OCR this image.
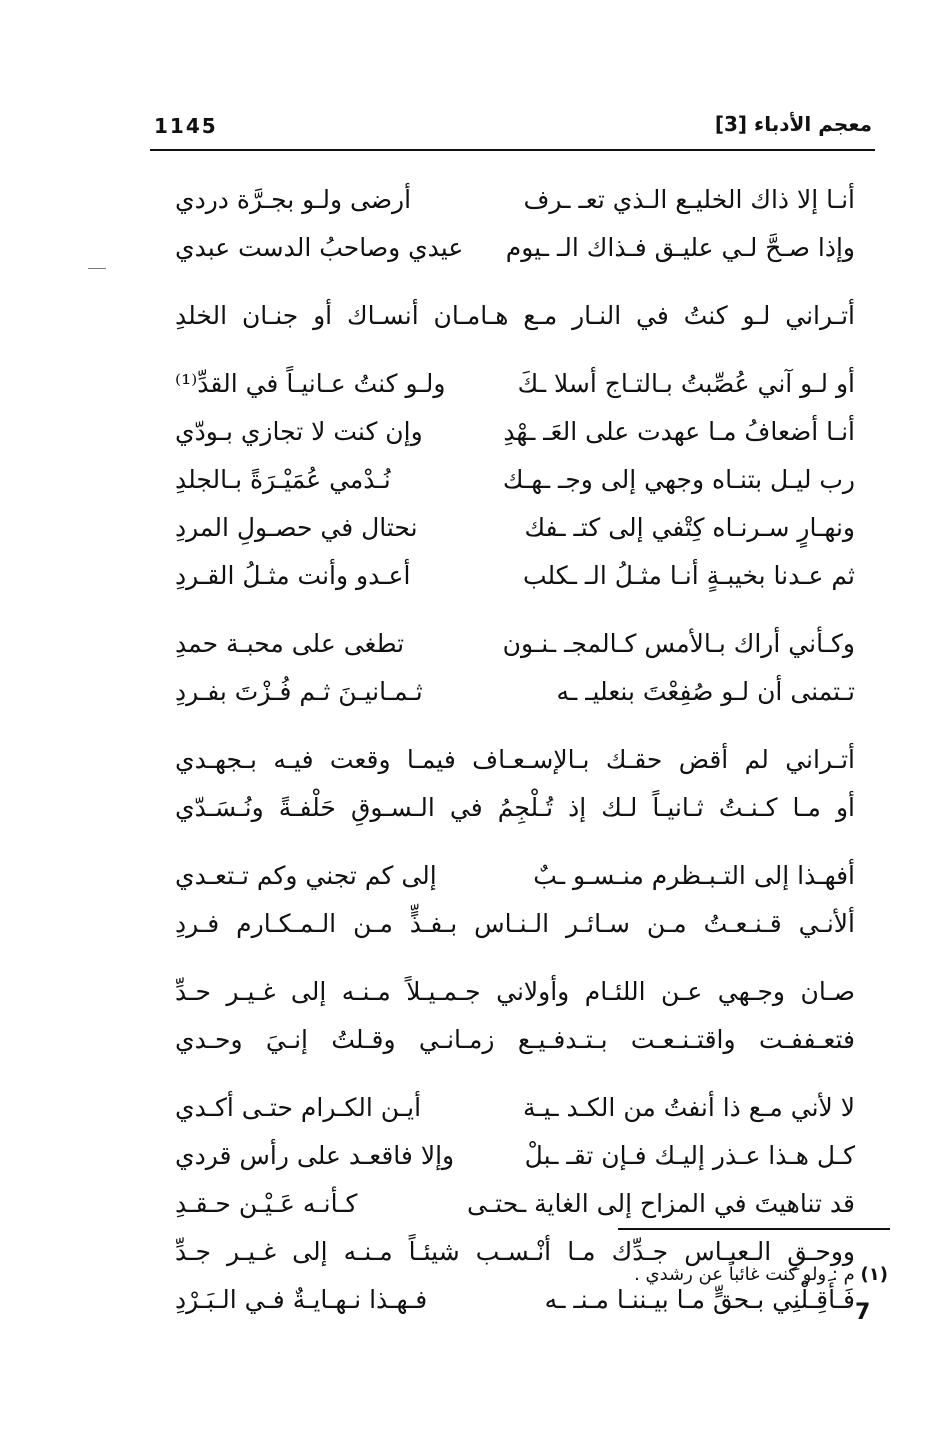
1145	معجم الأدباء [3]
أنـا إلا ذاك الخليـع الـذي تعـ ـرف
أرضى ولـو بجـرَّة دردي
وإذا صـحَّ لـي عليـق فـذاك الـ ـيوم
عيدي وصاحبُ الدست عبدي
أتـراني لـو كنتُ في النـار مـع هـامـان أنسـاك أو جنـان الخلدِ
أو لـو آني عُصِّبتُ بـالتـاج أسلا ـكَ
ولـو كنتُ عـانيـاً في القدِّ⁽¹⁾
أنـا أضعافُ مـا عهدت على العَـ ـهْدِ
وإن كنت لا تجازي بـودّي
رب ليـل بتنـاه وجهي إلى وجـ ـهـك
نُـدْمي عُمَيْـرَةً بـالجلدِ
ونهـارٍ سـرنـاه كِتْفي إلى كتـ ـفك
نحتال في حصـولِ المردِ
ثم عـدنا بخيبـةٍ أنـا مثـلُ الـ ـكلب
أعـدو وأنت مثـلُ القـردِ
وكـأني أراك بـالأمس كـالمجـ ـنـون
تطغى على محبـة حمدِ
تـتمنى أن لـو صُفِعْتَ بنعليـ ـه
ثـمـانيـنَ ثـم فُـزْتَ بفـردِ
أتـراني لم أقض حقـك بـالإسـعـاف فيمـا وقعت فيـه بـجهـدي
أو مـا كـنـتُ ثـانيـاً لـك إذ تُـلْجِمُ في الـسـوقِ حَلْفـةً ونُـسَـدّي
أفهـذا إلى التـبـظرم منـسـو ـبٌ
إلى كم تجني وكم تـتعـدي
ألأنـي قـنـعـتُ مـن سـائـر الـنـاس بـفـذٍّ مـن الـمـكـارم فـردِ
صـان وجـهي عـن اللئـام وأولاني جـمـيـلاً مـنـه إلى غـيـر حـدِّ
فتعـففـت واقتـنـعـت بـتـدفـيـع زمـانـي وقـلتُ إنـيَ وحـدي
لا لأني مـع ذا أنفتُ من الكـد ـيـة
أيـن الكـرام حتـى أكـدي
كـل هـذا عـذر إليـك فـإن تقـ ـبلْ
وإلا فاقعـد على رأس قردي
قد تناهيتَ في المزاح إلى الغاية ـحتـى
كـأنـه عَـيْـن حـقـدِ
ووحـقِ الـعبـاس جـدِّك مـا أنْـسـب شيئـاً مـنـه إلى غـيـر جـدِّ
فَـأَقِـلْنِي بـحقٍّ مـا بيـننـا مـنـ ـه
فـهـذا نـهـايـةٌ فـي الـبَـرْدِ
(١) م : ولو كنت غائباً عن رشدي .
7
